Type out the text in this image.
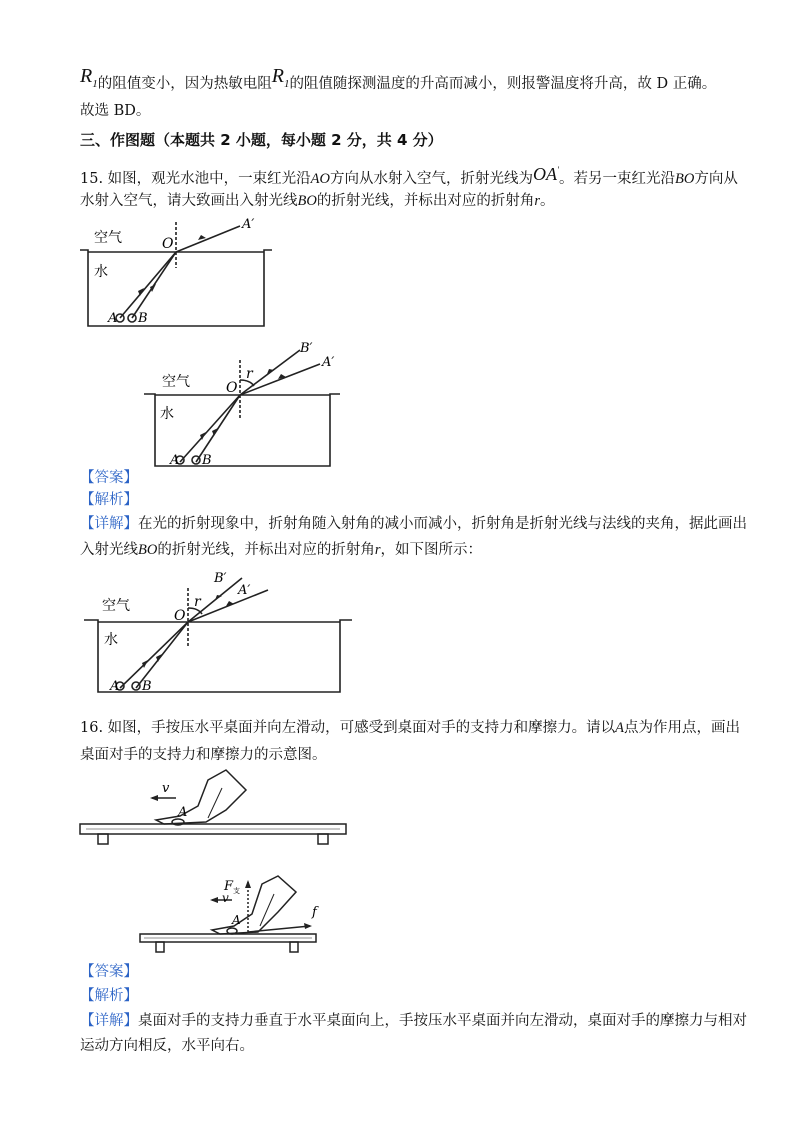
$R_1$的阻值变小，因为热敏电阻$R_1$的阻值随探测温度的升高而减小，则报警温度将升高，故 D 正确。
故选 BD。
三、作图题（本题共 2 小题，每小题 2 分，共 4 分）
15. 如图，观光水池中，一束红光沿AO方向从水射入空气，折射光线为OA′。若另一束红光沿BO方向从
水射入空气，请大致画出入射光线BO的折射光线，并标出对应的折射角r。
空气
水
O
A′
A B
空气
水
O
r
B′
A′
A B
【答案】
【解析】
【详解】在光的折射现象中，折射角随入射角的减小而减小，折射角是折射光线与法线的夹角，据此画出
入射光线BO的折射光线，并标出对应的折射角r，如下图所示：
空气
水
O
r
B′
A′
A B
16. 如图，手按压水平桌面并向左滑动，可感受到桌面对手的支持力和摩擦力。请以A点为作用点，画出
桌面对手的支持力和摩擦力的示意图。
v
A
$F_支$
v
A	f
【答案】
【解析】
【详解】桌面对手的支持力垂直于水平桌面向上，手按压水平桌面并向左滑动，桌面对手的摩擦力与相对
运动方向相反，水平向右。
